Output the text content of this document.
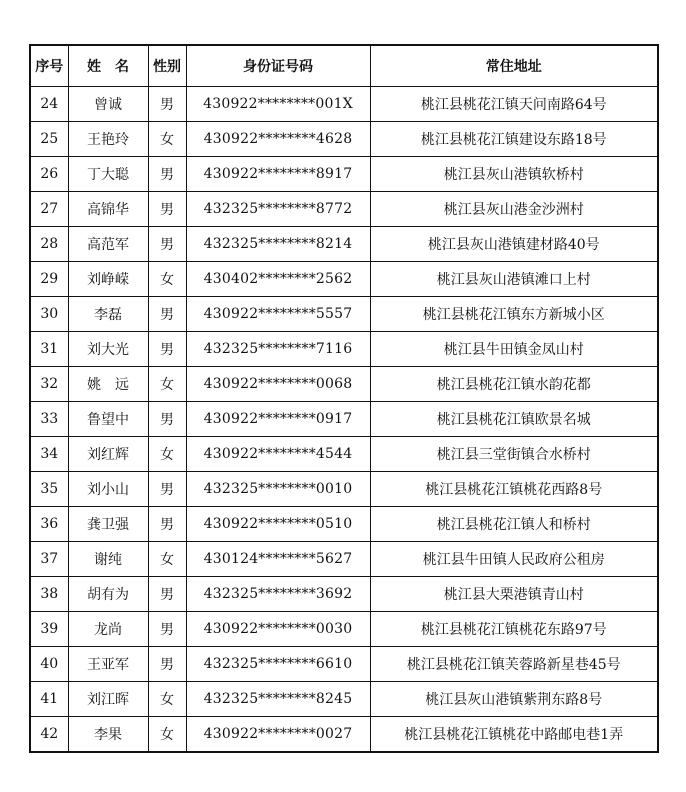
序号	姓 名	性别	身份证号码	常住地址
24	曾诚	男	430922********001X	桃江县桃花江镇天问南路64号
25	王艳玲	女	430922********4628	桃江县桃花江镇建设东路18号
26	丁大聪	男	430922********8917	桃江县灰山港镇软桥村
27	高锦华	男	432325********8772	桃江县灰山港金沙洲村
28	高范军	男	432325********8214	桃江县灰山港镇建材路40号
29	刘峥嵘	女	430402********2562	桃江县灰山港镇滩口上村
30	李磊	男	430922********5557	桃江县桃花江镇东方新城小区
31	刘大光	男	432325********7116	桃江县牛田镇金凤山村
32	姚　远	女	430922********0068	桃江县桃花江镇水韵花都
33	鲁望中	男	430922********0917	桃江县桃花江镇欧景名城
34	刘红辉	女	430922********4544	桃江县三堂街镇合水桥村
35	刘小山	男	432325********0010	桃江县桃花江镇桃花西路8号
36	龚卫强	男	430922********0510	桃江县桃花江镇人和桥村
37	谢纯	女	430124********5627	桃江县牛田镇人民政府公租房
38	胡有为	男	432325********3692	桃江县大栗港镇青山村
39	龙尚	男	430922********0030	桃江县桃花江镇桃花东路97号
40	王亚军	男	432325********6610	桃江县桃花江镇芙蓉路新星巷45号
41	刘江晖	女	432325********8245	桃江县灰山港镇紫荆东路8号
42	李果	女	430922********0027	桃江县桃花江镇桃花中路邮电巷1弄
